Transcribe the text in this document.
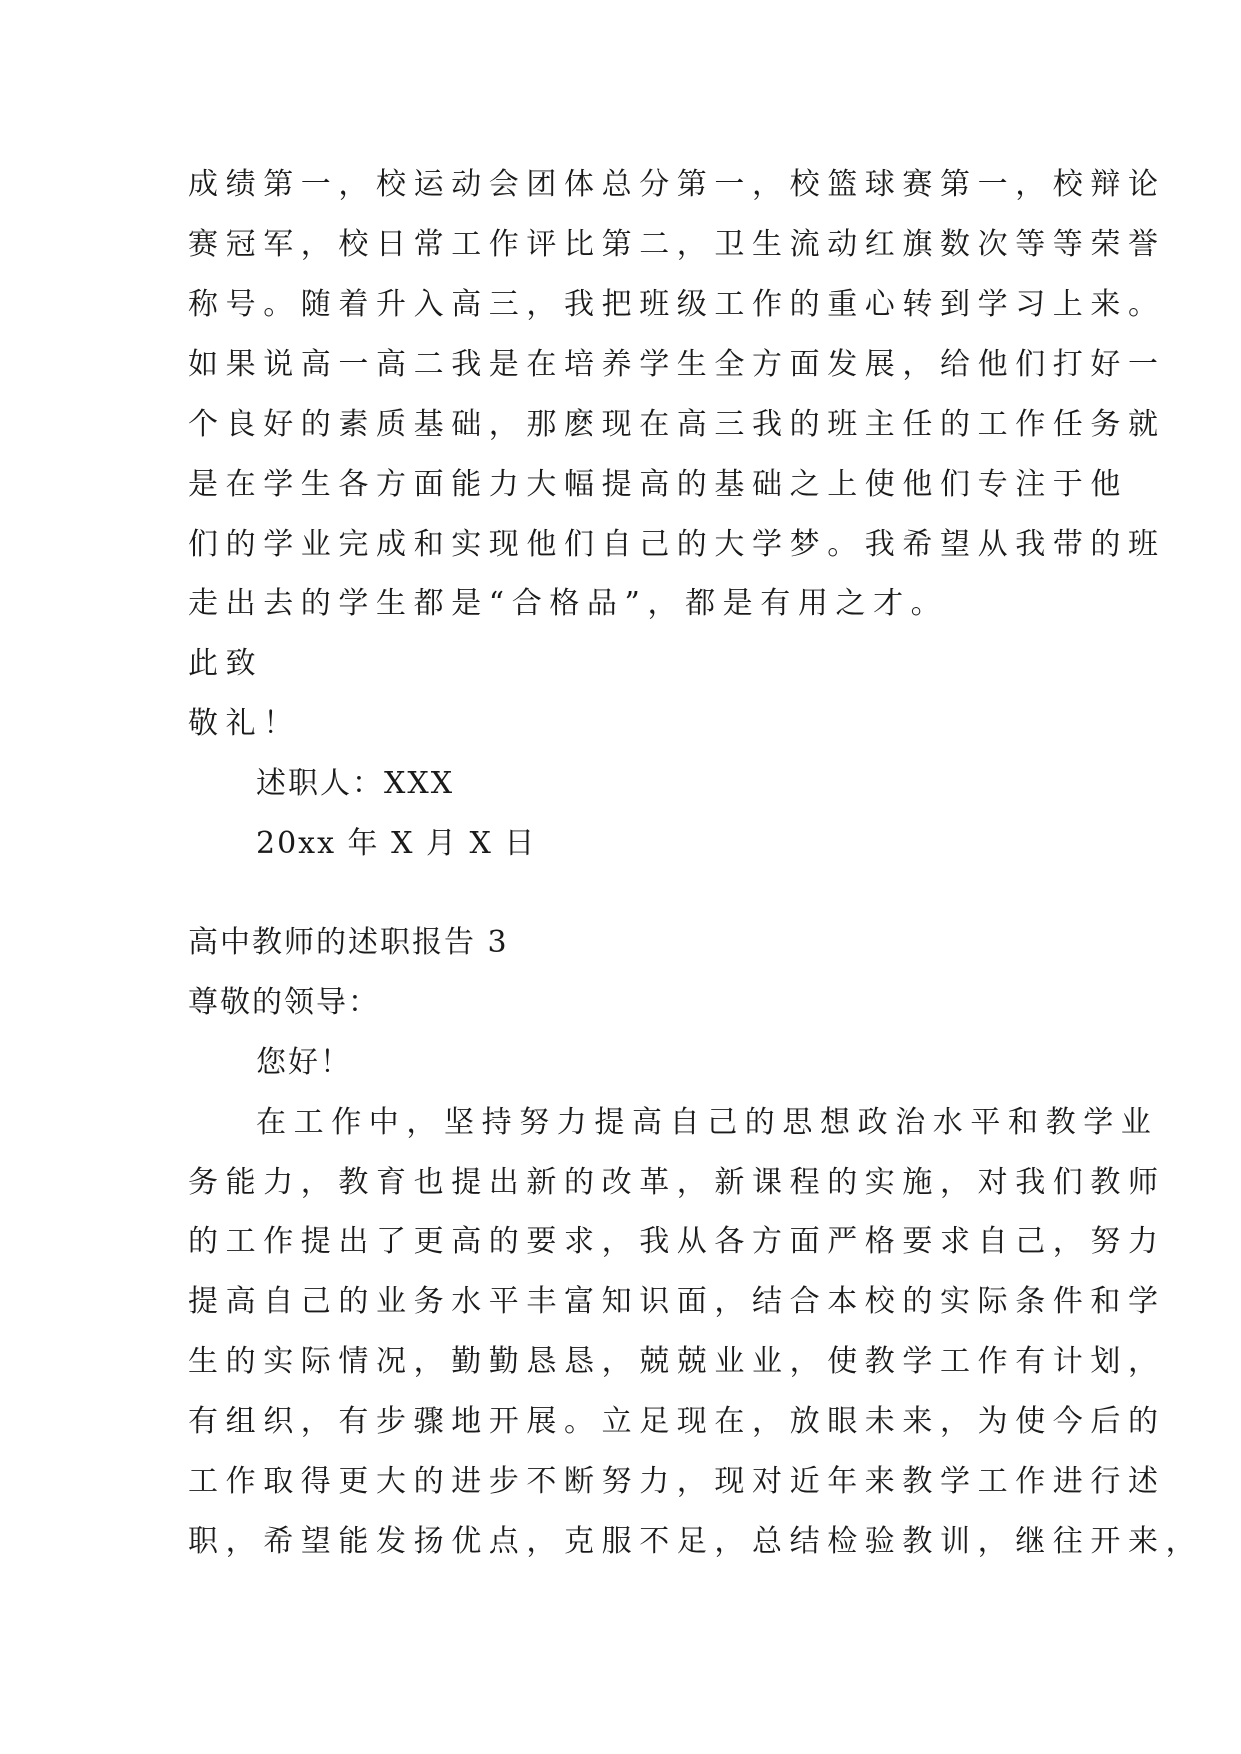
成绩第一，校运动会团体总分第一，校篮球赛第一，校辩论
赛冠军，校日常工作评比第二，卫生流动红旗数次等等荣誉
称号。随着升入高三，我把班级工作的重心转到学习上来。
如果说高一高二我是在培养学生全方面发展，给他们打好一
个良好的素质基础，那麽现在高三我的班主任的工作任务就
是在学生各方面能力大幅提高的基础之上使他们专注于他
们的学业完成和实现他们自己的大学梦。我希望从我带的班
走出去的学生都是“合格品”，都是有用之才。
此致
敬礼！
述职人：XXX
20xx 年 X 月 X 日
高中教师的述职报告 3
尊敬的领导：
您好！
在工作中，坚持努力提高自己的思想政治水平和教学业
务能力，教育也提出新的改革，新课程的实施，对我们教师
的工作提出了更高的要求，我从各方面严格要求自己，努力
提高自己的业务水平丰富知识面，结合本校的实际条件和学
生的实际情况，勤勤恳恳，兢兢业业，使教学工作有计划，
有组织，有步骤地开展。立足现在，放眼未来，为使今后的
工作取得更大的进步不断努力，现对近年来教学工作进行述
职，希望能发扬优点，克服不足，总结检验教训，继往开来，
